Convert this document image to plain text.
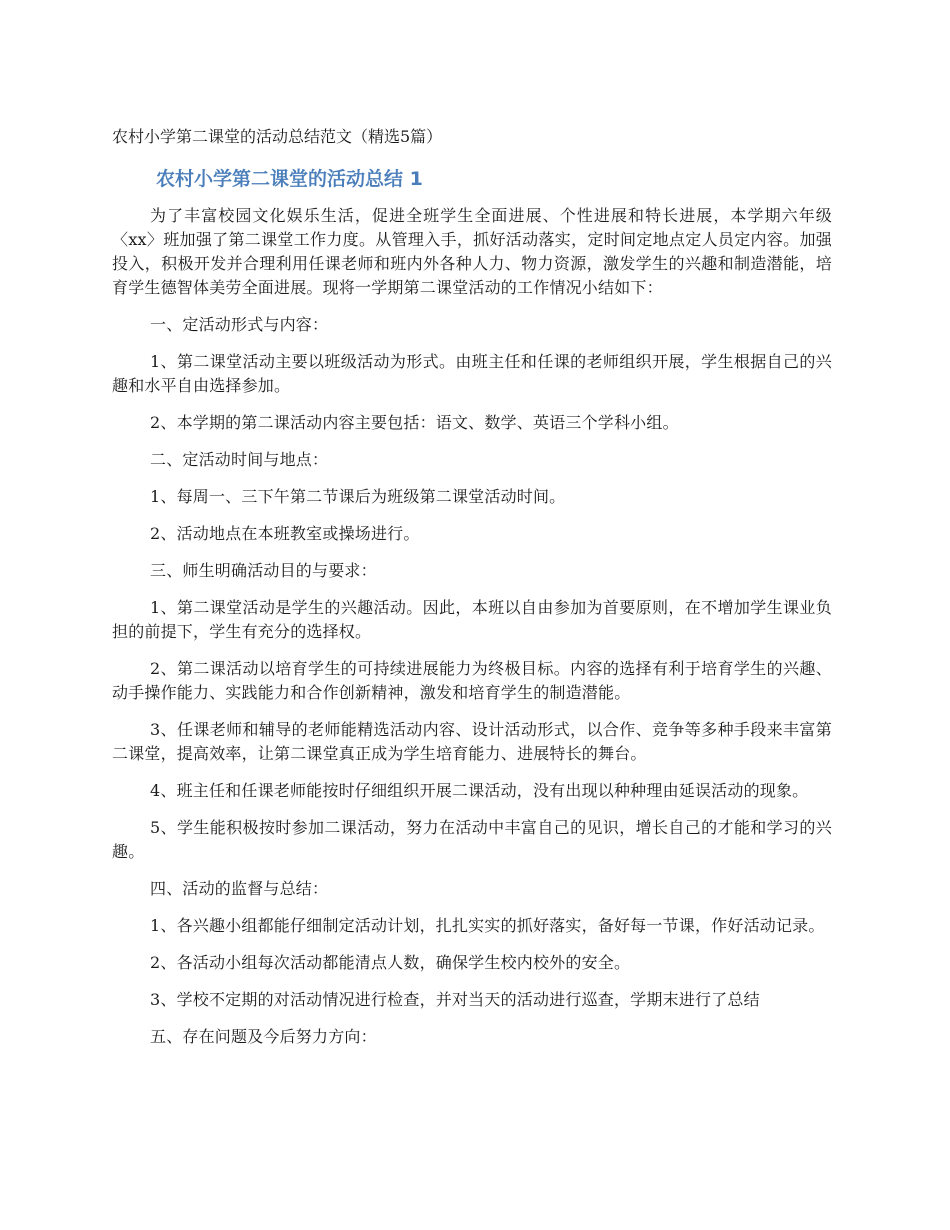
农村小学第二课堂的活动总结范文（精选5篇）

农村小学第二课堂的活动总结 1

为了丰富校园文化娱乐生活，促进全班学生全面进展、个性进展和特长进展，本学期六年级〈xx〉班加强了第二课堂工作力度。从管理入手，抓好活动落实，定时间定地点定人员定内容。加强投入，积极开发并合理利用任课老师和班内外各种人力、物力资源，激发学生的兴趣和制造潜能，培育学生德智体美劳全面进展。现将一学期第二课堂活动的工作情况小结如下：

一、定活动形式与内容：

1、第二课堂活动主要以班级活动为形式。由班主任和任课的老师组织开展，学生根据自己的兴趣和水平自由选择参加。

2、本学期的第二课活动内容主要包括：语文、数学、英语三个学科小组。

二、定活动时间与地点：

1、每周一、三下午第二节课后为班级第二课堂活动时间。

2、活动地点在本班教室或操场进行。

三、师生明确活动目的与要求：

1、第二课堂活动是学生的兴趣活动。因此，本班以自由参加为首要原则，在不增加学生课业负担的前提下，学生有充分的选择权。

2、第二课活动以培育学生的可持续进展能力为终极目标。内容的选择有利于培育学生的兴趣、动手操作能力、实践能力和合作创新精神，激发和培育学生的制造潜能。

3、任课老师和辅导的老师能精选活动内容、设计活动形式，以合作、竞争等多种手段来丰富第二课堂，提高效率，让第二课堂真正成为学生培育能力、进展特长的舞台。

4、班主任和任课老师能按时仔细组织开展二课活动，没有出现以种种理由延误活动的现象。

5、学生能积极按时参加二课活动，努力在活动中丰富自己的见识，增长自己的才能和学习的兴趣。

四、活动的监督与总结：

1、各兴趣小组都能仔细制定活动计划，扎扎实实的抓好落实，备好每一节课，作好活动记录。

2、各活动小组每次活动都能清点人数，确保学生校内校外的安全。

3、学校不定期的对活动情况进行检查，并对当天的活动进行巡查，学期末进行了总结

五、存在问题及今后努力方向：
